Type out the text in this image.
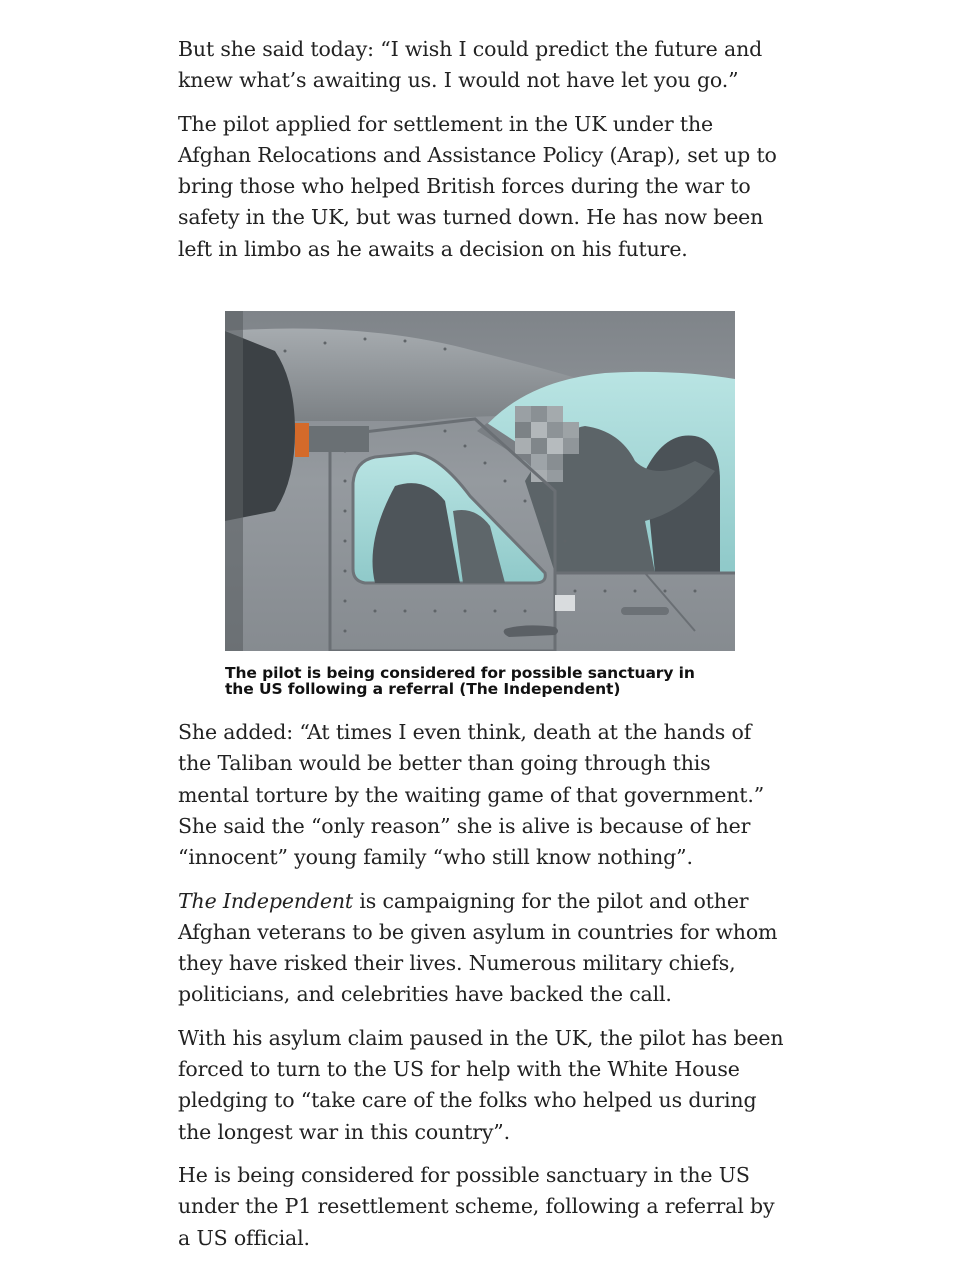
But she said today: “I wish I could predict the future and knew what’s awaiting us. I would not have let you go.”

The pilot applied for settlement in the UK under the Afghan Relocations and Assistance Policy (Arap), set up to bring those who helped British forces during the war to safety in the UK, but was turned down. He has now been left in limbo as he awaits a decision on his future.

The pilot is being considered for possible sanctuary in the US following a referral (The Independent)

She added: “At times I even think, death at the hands of the Taliban would be better than going through this mental torture by the waiting game of that government.” She said the “only reason” she is alive is because of her “innocent” young family “who still know nothing”.

The Independent is campaigning for the pilot and other Afghan veterans to be given asylum in countries for whom they have risked their lives. Numerous military chiefs, politicians, and celebrities have backed the call.

With his asylum claim paused in the UK, the pilot has been forced to turn to the US for help with the White House pledging to “take care of the folks who helped us during the longest war in this country”.

He is being considered for possible sanctuary in the US under the P1 resettlement scheme, following a referral by a US official.
